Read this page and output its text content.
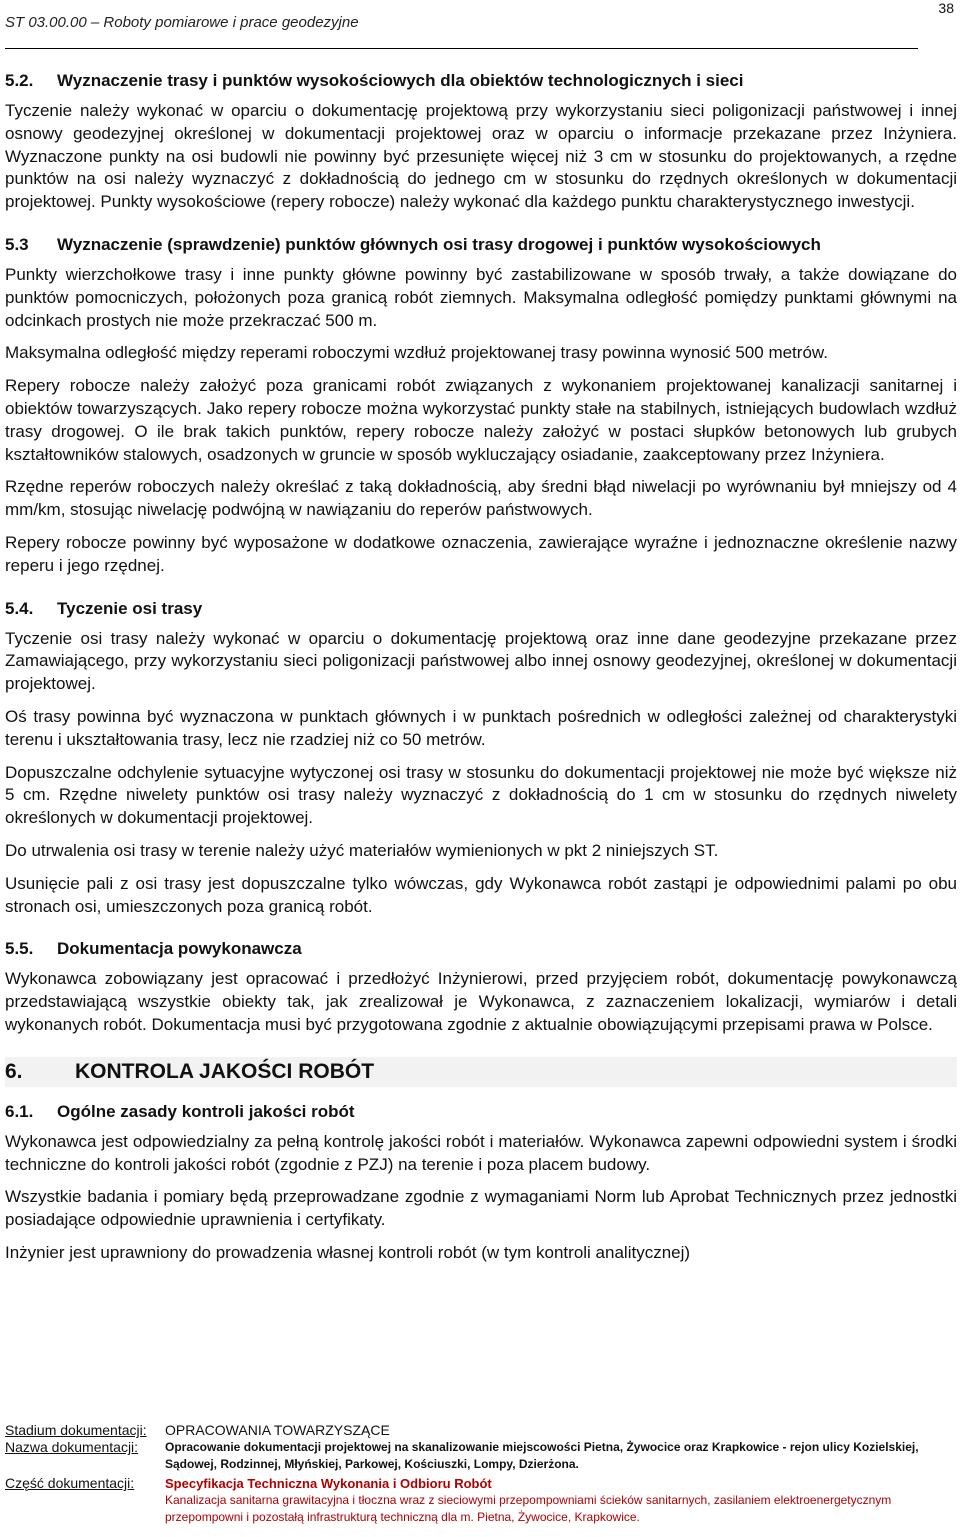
38
ST 03.00.00 – Roboty pomiarowe i prace geodezyjne
5.2. Wyznaczenie trasy i punktów wysokościowych dla obiektów technologicznych i sieci

Tyczenie należy wykonać w oparciu o dokumentację projektową przy wykorzystaniu sieci poligonizacji państwowej i innej osnowy geodezyjnej określonej w dokumentacji projektowej oraz w oparciu o informacje przekazane przez Inżyniera. Wyznaczone punkty na osi budowli nie powinny być przesunięte więcej niż 3 cm w stosunku do projektowanych, a rzędne punktów na osi należy wyznaczyć z dokładnością do jednego cm w stosunku do rzędnych określonych w dokumentacji projektowej. Punkty wysokościowe (repery robocze) należy wykonać dla każdego punktu charakterystycznego inwestycji.

5.3 Wyznaczenie (sprawdzenie) punktów głównych osi trasy drogowej i punktów wysokościowych

Punkty wierzchołkowe trasy i inne punkty główne powinny być zastabilizowane w sposób trwały, a także dowiązane do punktów pomocniczych, położonych poza granicą robót ziemnych. Maksymalna odległość pomiędzy punktami głównymi na odcinkach prostych nie może przekraczać 500 m.

Maksymalna odległość między reperami roboczymi wzdłuż projektowanej trasy powinna wynosić 500 metrów.

Repery robocze należy założyć poza granicami robót związanych z wykonaniem projektowanej kanalizacji sanitarnej i obiektów towarzyszących. Jako repery robocze można wykorzystać punkty stałe na stabilnych, istniejących budowlach wzdłuż trasy drogowej. O ile brak takich punktów, repery robocze należy założyć w postaci słupków betonowych lub grubych kształtowników stalowych, osadzonych w gruncie w sposób wykluczający osiadanie, zaakceptowany przez Inżyniera.

Rzędne reperów roboczych należy określać z taką dokładnością, aby średni błąd niwelacji po wyrównaniu był mniejszy od 4 mm/km, stosując niwelację podwójną w nawiązaniu do reperów państwowych.

Repery robocze powinny być wyposażone w dodatkowe oznaczenia, zawierające wyraźne i jednoznaczne określenie nazwy reperu i jego rzędnej.

5.4. Tyczenie osi trasy

Tyczenie osi trasy należy wykonać w oparciu o dokumentację projektową oraz inne dane geodezyjne przekazane przez Zamawiającego, przy wykorzystaniu sieci poligonizacji państwowej albo innej osnowy geodezyjnej, określonej w dokumentacji projektowej.

Oś trasy powinna być wyznaczona w punktach głównych i w punktach pośrednich w odległości zależnej od charakterystyki terenu i ukształtowania trasy, lecz nie rzadziej niż co 50 metrów.

Dopuszczalne odchylenie sytuacyjne wytyczonej osi trasy w stosunku do dokumentacji projektowej nie może być większe niż 5 cm. Rzędne niwelety punktów osi trasy należy wyznaczyć z dokładnością do 1 cm w stosunku do rzędnych niwelety określonych w dokumentacji projektowej.

Do utrwalenia osi trasy w terenie należy użyć materiałów wymienionych w pkt 2 niniejszych ST.

Usunięcie pali z osi trasy jest dopuszczalne tylko wówczas, gdy Wykonawca robót zastąpi je odpowiednimi palami po obu stronach osi, umieszczonych poza granicą robót.

5.5. Dokumentacja powykonawcza

Wykonawca zobowiązany jest opracować i przedłożyć Inżynierowi, przed przyjęciem robót, dokumentację powykonawczą przedstawiającą wszystkie obiekty tak, jak zrealizował je Wykonawca, z zaznaczeniem lokalizacji, wymiarów i detali wykonanych robót. Dokumentacja musi być przygotowana zgodnie z aktualnie obowiązującymi przepisami prawa w Polsce.

6. KONTROLA JAKOŚCI ROBÓT
6.1. Ogólne zasady kontroli jakości robót

Wykonawca jest odpowiedzialny za pełną kontrolę jakości robót i materiałów. Wykonawca zapewni odpowiedni system i środki techniczne do kontroli jakości robót (zgodnie z PZJ) na terenie i poza placem budowy.

Wszystkie badania i pomiary będą przeprowadzane zgodnie z wymaganiami Norm lub Aprobat Technicznych przez jednostki posiadające odpowiednie uprawnienia i certyfikaty.

Inżynier jest uprawniony do prowadzenia własnej kontroli robót (w tym kontroli analitycznej)

Stadium dokumentacji:	OPRACOWANIA TOWARZYSZĄCE
Nazwa dokumentacji:	Opracowanie dokumentacji projektowej na skanalizowanie miejscowości Pietna, Żywocice oraz Krapkowice - rejon ulicy Kozielskiej, Sądowej, Rodzinnej, Młyńskiej, Parkowej, Kościuszki, Lompy, Dzierżona.
Część dokumentacji:	Specyfikacja Techniczna Wykonania i Odbioru Robót
Kanalizacja sanitarna grawitacyjna i tłoczna wraz z sieciowymi przepompowniami ścieków sanitarnych, zasilaniem elektroenergetycznym przepompowni i pozostałą infrastrukturą techniczną dla m. Pietna, Żywocice, Krapkowice.
